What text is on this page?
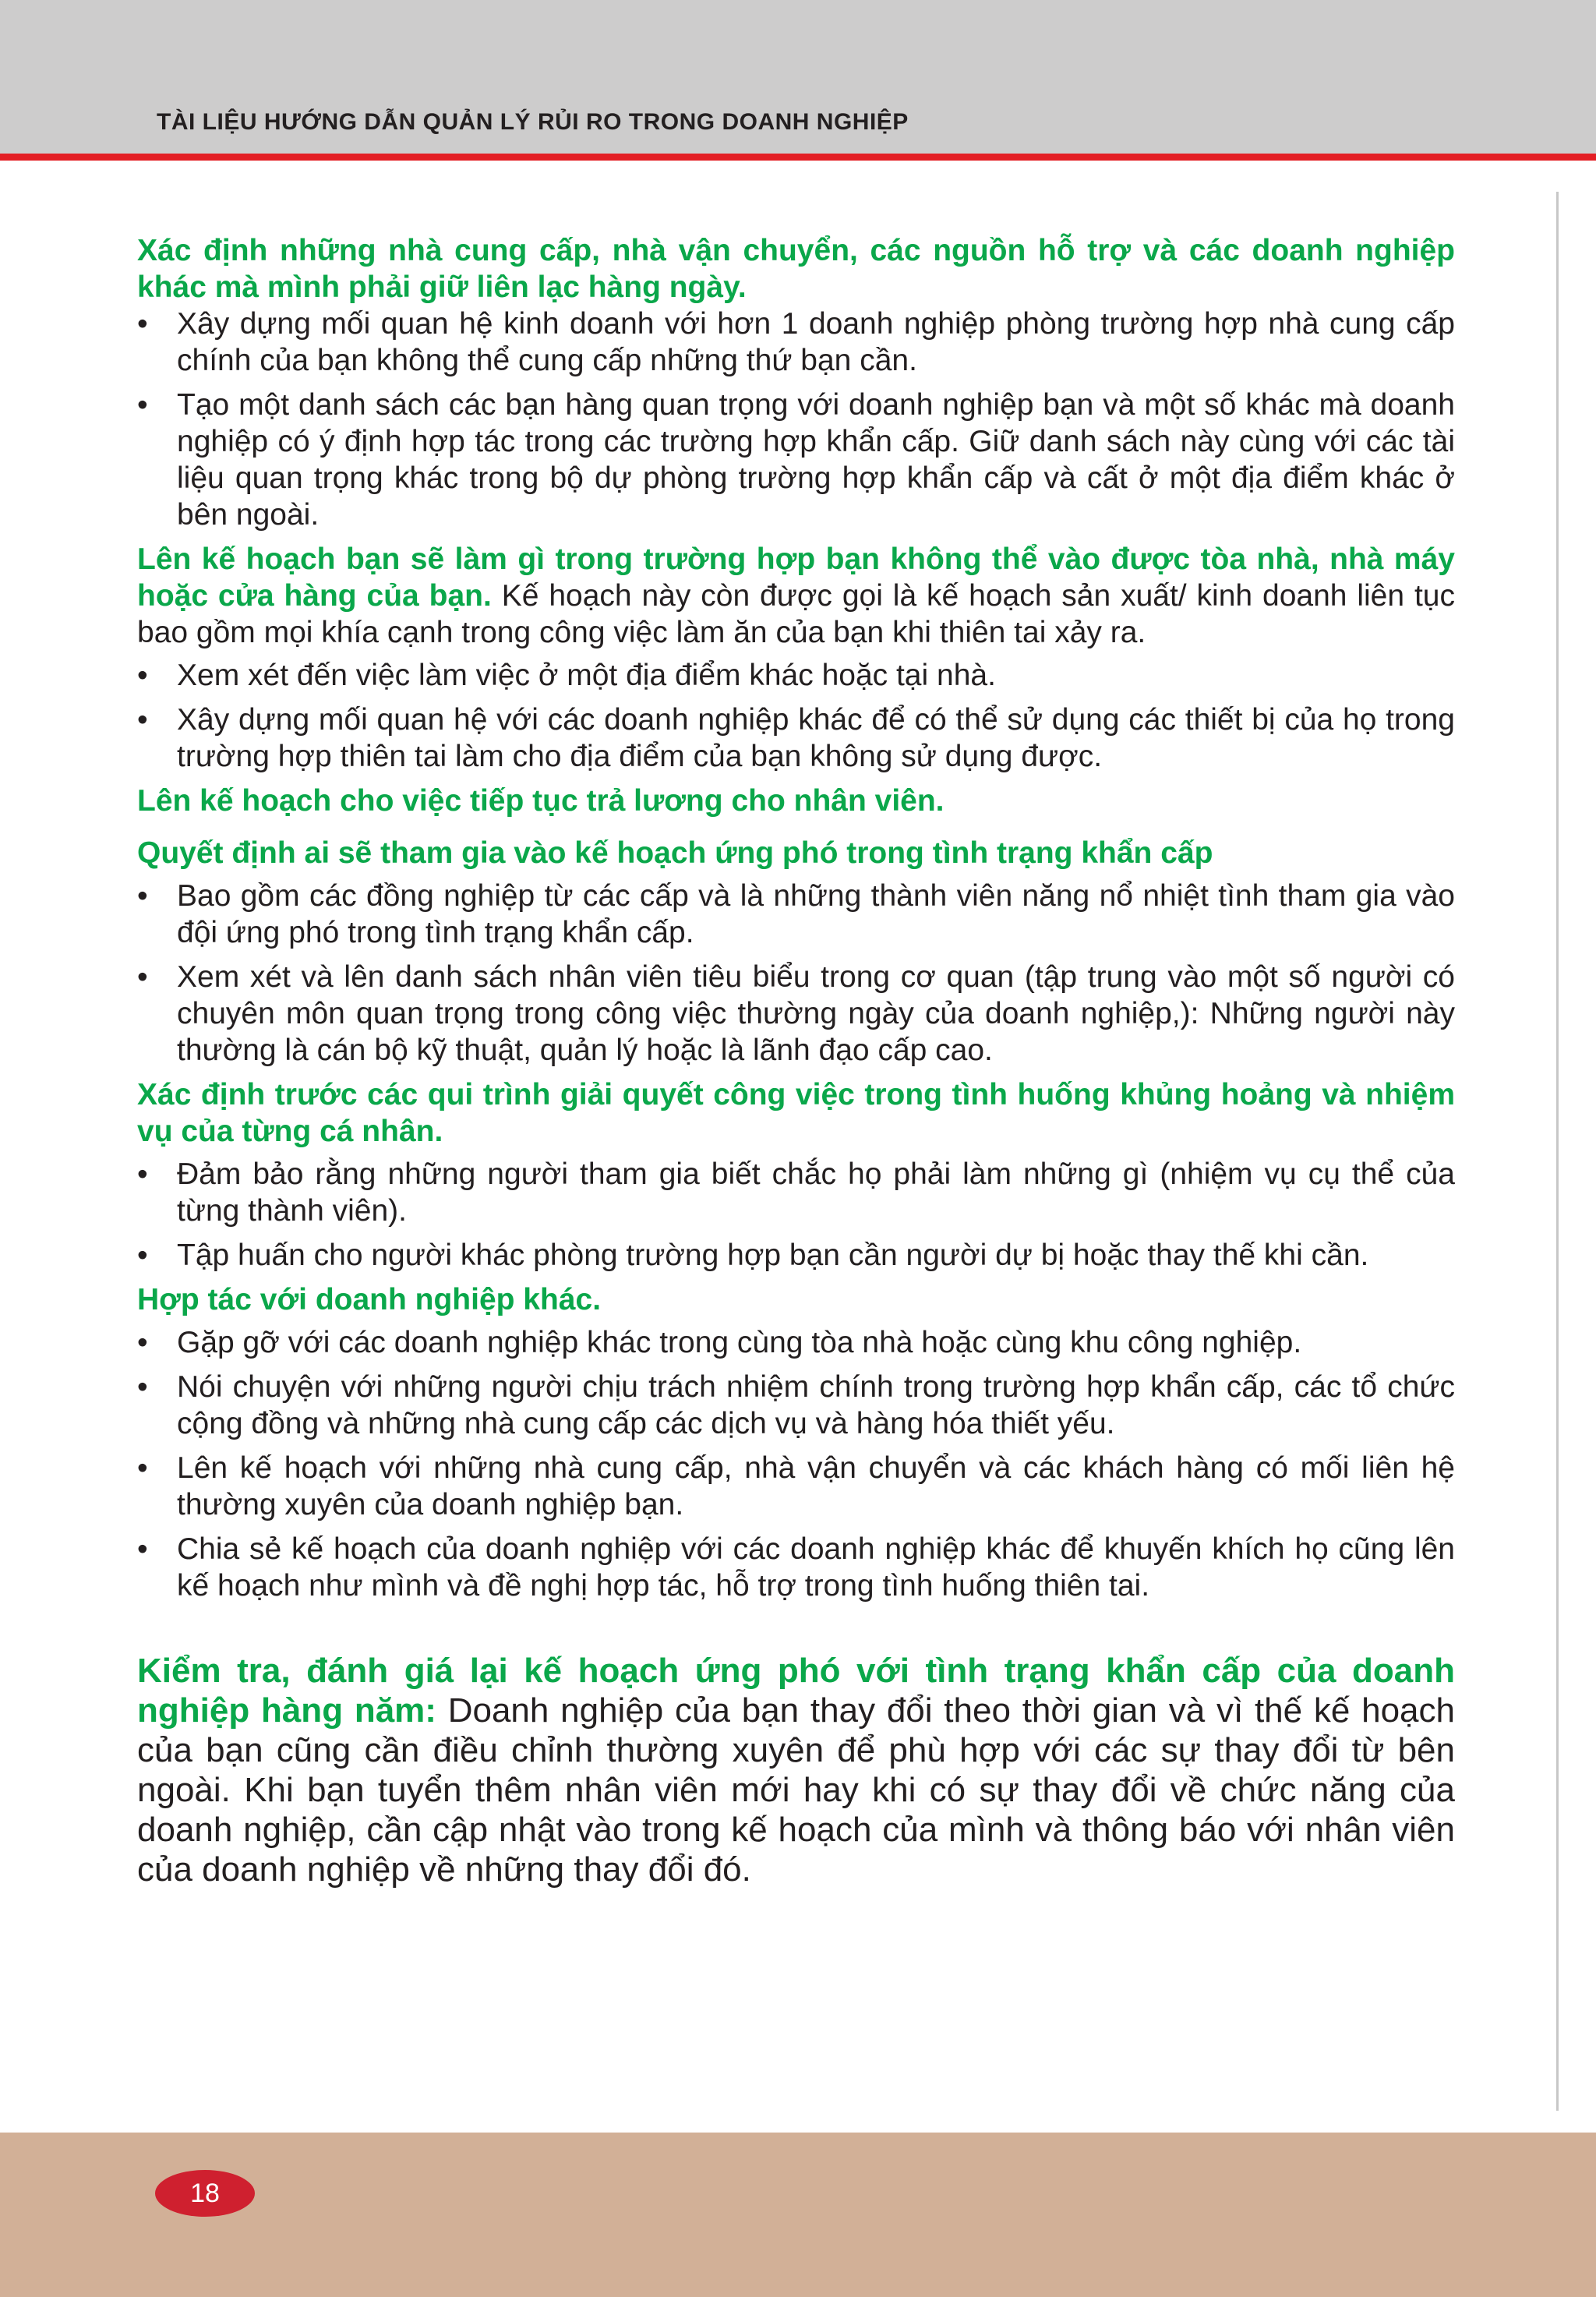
TÀI LIỆU HƯỚNG DẪN QUẢN LÝ RỦI RO TRONG DOANH NGHIỆP

Xác định những nhà cung cấp, nhà vận chuyển, các nguồn hỗ trợ và các doanh nghiệp khác mà mình phải giữ liên lạc hàng ngày.

• Xây dựng mối quan hệ kinh doanh với hơn 1 doanh nghiệp phòng trường hợp nhà cung cấp chính của bạn không thể cung cấp những thứ bạn cần.
• Tạo một danh sách các bạn hàng quan trọng với doanh nghiệp bạn và một số khác mà doanh nghiệp có ý định hợp tác trong các trường hợp khẩn cấp. Giữ danh sách này cùng với các tài liệu quan trọng khác trong bộ dự phòng trường hợp khẩn cấp và cất ở một địa điểm khác ở bên ngoài.

Lên kế hoạch bạn sẽ làm gì trong trường hợp bạn không thể vào được tòa nhà, nhà máy hoặc cửa hàng của bạn. Kế hoạch này còn được gọi là kế hoạch sản xuất/ kinh doanh liên tục bao gồm mọi khía cạnh trong công việc làm ăn của bạn khi thiên tai xảy ra.

• Xem xét đến việc làm việc ở một địa điểm khác hoặc tại nhà.
• Xây dựng mối quan hệ với các doanh nghiệp khác để có thể sử dụng các thiết bị của họ trong trường hợp thiên tai làm cho địa điểm của bạn không sử dụng được.

Lên kế hoạch cho việc tiếp tục trả lương cho nhân viên.

Quyết định ai sẽ tham gia vào kế hoạch ứng phó trong tình trạng khẩn cấp

• Bao gồm các đồng nghiệp từ các cấp và là những thành viên năng nổ nhiệt tình tham gia vào đội ứng phó trong tình trạng khẩn cấp.
• Xem xét và lên danh sách nhân viên tiêu biểu trong cơ quan (tập trung vào một số người có chuyên môn quan trọng trong công việc thường ngày của doanh nghiệp,): Những người này thường là cán bộ kỹ thuật, quản lý hoặc là lãnh đạo cấp cao.

Xác định trước các qui trình giải quyết công việc trong tình huống khủng hoảng và nhiệm vụ của từng cá nhân.

• Đảm bảo rằng những người tham gia biết chắc họ phải làm những gì (nhiệm vụ cụ thể của từng thành viên).
• Tập huấn cho người khác phòng trường hợp bạn cần người dự bị hoặc thay thế khi cần.

Hợp tác với doanh nghiệp khác.

• Gặp gỡ với các doanh nghiệp khác trong cùng tòa nhà hoặc cùng khu công nghiệp.
• Nói chuyện với những người chịu trách nhiệm chính trong trường hợp khẩn cấp, các tổ chức cộng đồng và những nhà cung cấp các dịch vụ và hàng hóa thiết yếu.
• Lên kế hoạch với những nhà cung cấp, nhà vận chuyển và các khách hàng có mối liên hệ thường xuyên của doanh nghiệp bạn.
• Chia sẻ kế hoạch của doanh nghiệp với các doanh nghiệp khác để khuyến khích họ cũng lên kế hoạch như mình và đề nghị hợp tác, hỗ trợ trong tình huống thiên tai.

Kiểm tra, đánh giá lại kế hoạch ứng phó với tình trạng khẩn cấp của doanh nghiệp hàng năm: Doanh nghiệp của bạn thay đổi theo thời gian và vì thế kế hoạch của bạn cũng cần điều chỉnh thường xuyên để phù hợp với các sự thay đổi từ bên ngoài. Khi bạn tuyển thêm nhân viên mới hay khi có sự thay đổi về chức năng của doanh nghiệp, cần cập nhật vào trong kế hoạch của mình và thông báo với nhân viên của doanh nghiệp về những thay đổi đó.

18
